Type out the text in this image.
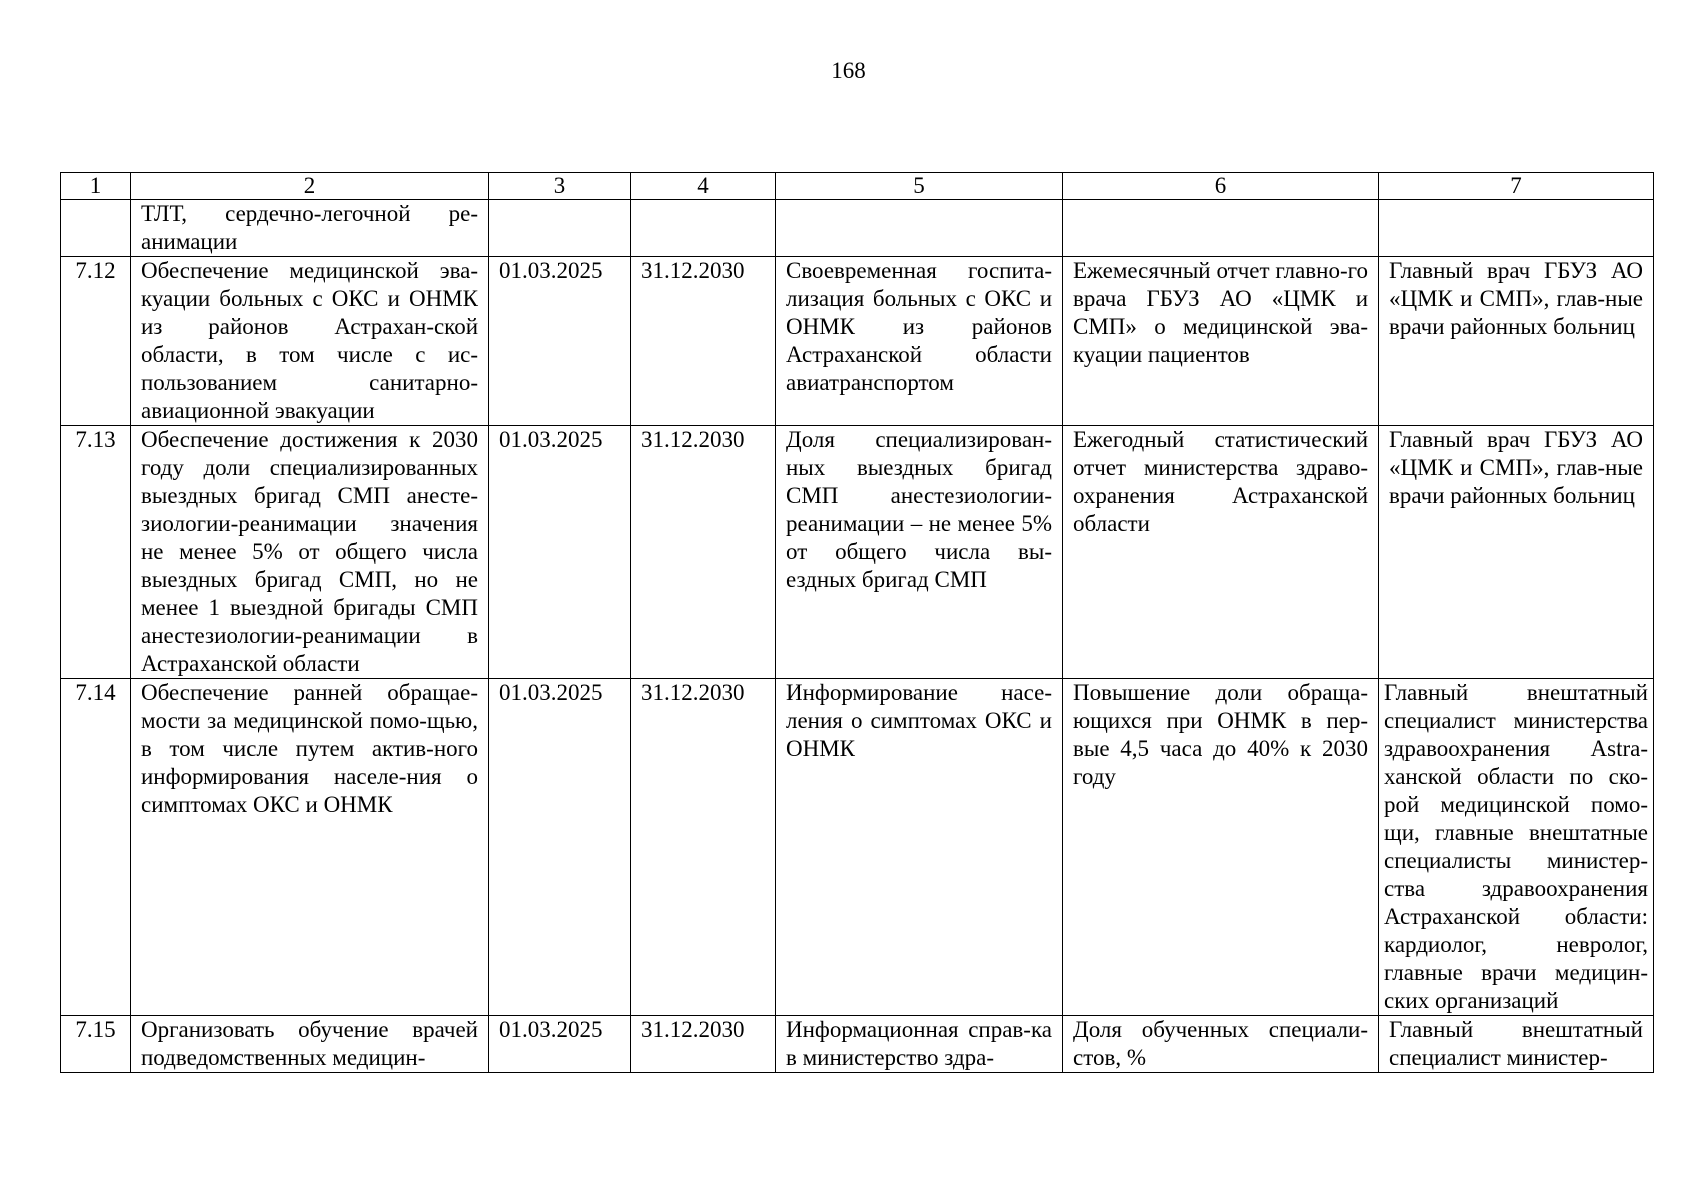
168
1	2	3	4	5	6	7
	ТЛТ, сердечно-легочной ре-анимации					
7.12	Обеспечение медицинской эва-куации больных с ОКС и ОНМК из районов Астрахан-ской области, в том числе с ис-пользованием санитарно-авиационной эвакуации	01.03.2025	31.12.2030	Своевременная госпита-лизация больных с ОКС и ОНМК из районов Астраханской области авиатранспортом	Ежемесячный отчет главно-го врача ГБУЗ АО «ЦМК и СМП» о медицинской эва-куации пациентов	Главный врач ГБУЗ АО «ЦМК и СМП», глав-ные врачи районных больниц
7.13	Обеспечение достижения к 2030 году доли специализированных выездных бригад СМП анесте-зиологии-реанимации значения не менее 5% от общего числа выездных бригад СМП, но не менее 1 выездной бригады СМП анестезиологии-реанимации в Астраханской области	01.03.2025	31.12.2030	Доля специализирован-ных выездных бригад СМП анестезиологии-реанимации – не менее 5% от общего числа вы-ездных бригад СМП	Ежегодный статистический отчет министерства здраво-охранения Астраханской области	Главный врач ГБУЗ АО «ЦМК и СМП», глав-ные врачи районных больниц
7.14	Обеспечение ранней обращае-мости за медицинской помо-щью, в том числе путем актив-ного информирования населе-ния о симптомах ОКС и ОНМК	01.03.2025	31.12.2030	Информирование насе-ления о симптомах ОКС и ОНМК	Повышение доли обраща-ющихся при ОНМК в пер-вые 4,5 часа до 40% к 2030 году	Главный внештатный специалист министерства здравоохранения Astra-ханской области по ско-рой медицинской помо-щи, главные внештатные специалисты министер-ства здравоохранения Астраханской области: кардиолог, невролог, главные врачи медицин-ских организаций
7.15	Организовать обучение врачей подведомственных медицин-	01.03.2025	31.12.2030	Информационная справ-ка в министерство здра-	Доля обученных специали-стов, %	Главный внештатный специалист министер-
